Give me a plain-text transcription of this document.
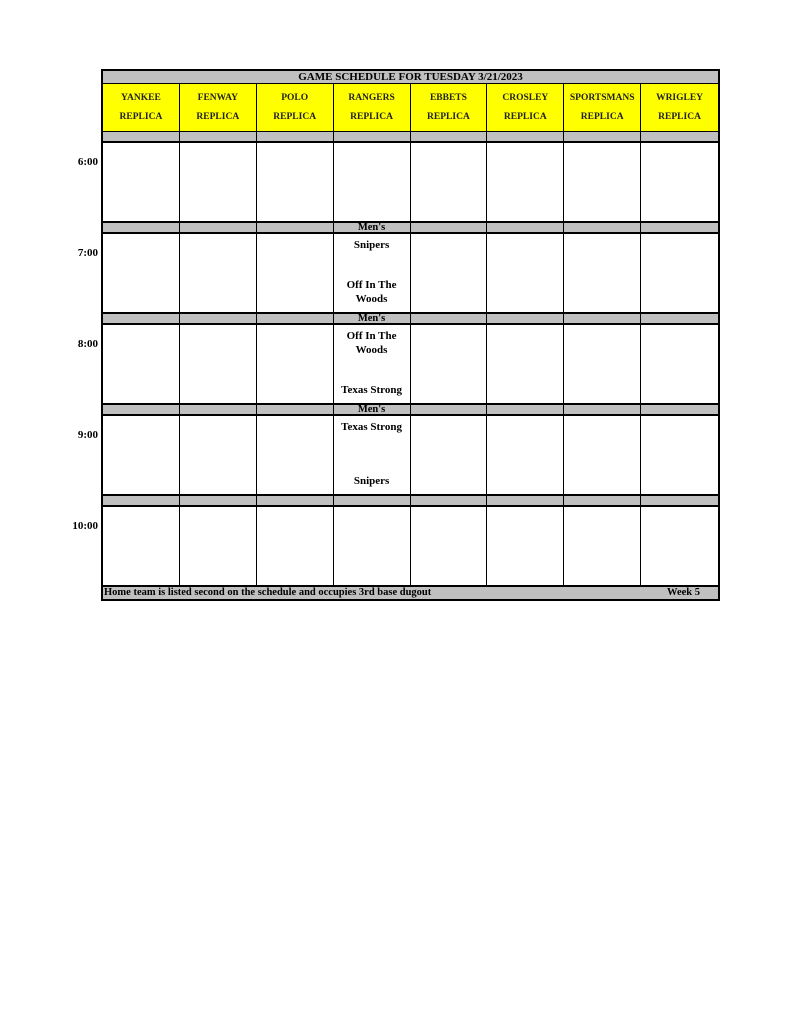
GAME SCHEDULE FOR TUESDAY 3/21/2023
YANKEE
REPLICA
FENWAY
REPLICA
POLO
REPLICA
RANGERS
REPLICA
EBBETS
REPLICA
CROSLEY
REPLICA
SPORTSMANS
REPLICA
WRIGLEY
REPLICA
Men's
Snipers
Off In The Woods
Men's
Off In The Woods
Texas Strong
Men's
Texas Strong
Snipers
Home team is listed second on the schedule and occupies 3rd base dugout	Week 5
6:00
7:00
8:00
9:00
10:00
